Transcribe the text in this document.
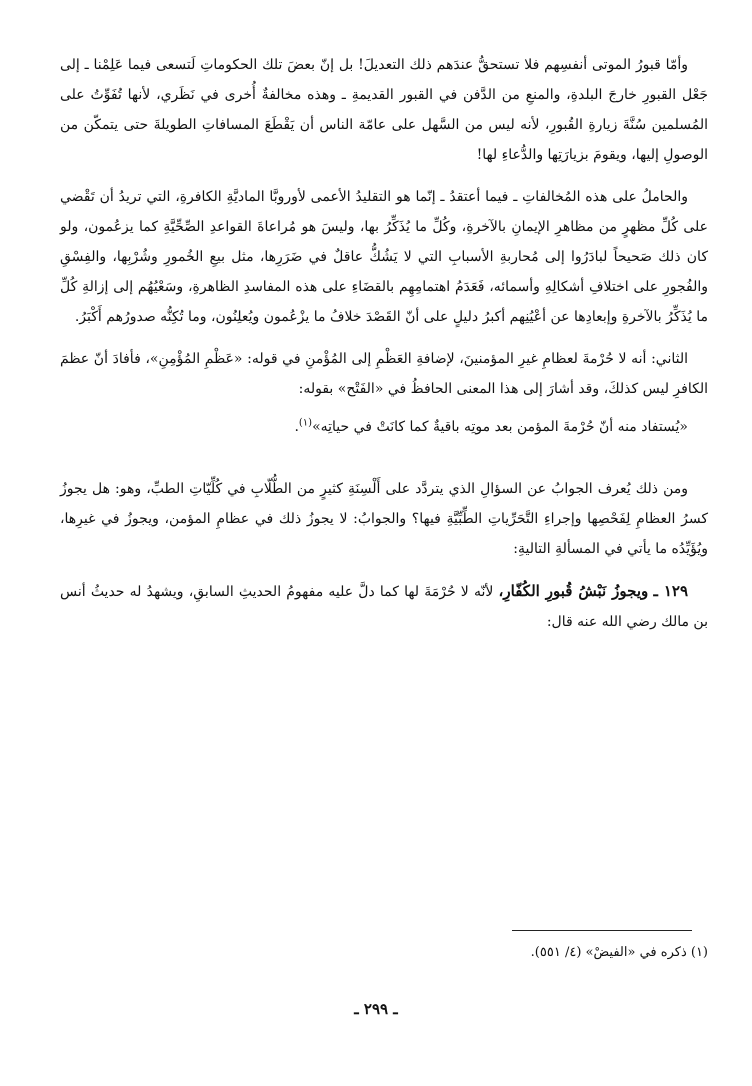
وأمّا قبورُ الموتى أنفسِهم فلا تستحقُّ عندَهم ذلك التعديلَ! بل إنّ بعضَ تلك الحكوماتِ لَتسعى فيما عَلِمْنا ـ إلى جَعْل القبورِ خارجَ البلدةِ، والمنعِ من الدَّفن في القبور القديمةِ ـ وهذه مخالفةٌ أُخرى في نَظَري، لأنها تُفَوِّتُ على المُسلمين سُنَّةَ زيارةِ القُبورِ، لأنه ليس من السَّهل على عامّة الناس أن يَقْطَعَ المسافاتِ الطويلةَ حتى يتمكّن من الوصولِ إليها، ويقومَ بزيارَتِها والدُّعاءِ لها!

والحاملُ على هذه المُخالفاتِ ـ فيما أعتقدُ ـ إنّما هو التقليدُ الأعمى لأوروبَّا الماديَّةِ الكافرةِ، التي تريدُ أن تَقْضي على كُلِّ مظهرٍ من مظاهرِ الإيمانِ بالآخرةِ، وكُلِّ ما يُذَكِّرُ بها، وليسَ هو مُراعاةَ القواعدِ الصِّحِّيَّةِ كما يزعُمون، ولو كان ذلك صَحيحاً لبادَرُوا إلى مُحاربةِ الأسبابِ التي لا يَشُكُّ عاقلٌ في ضَرَرِها، مثل بيعِ الخُمورِ وشُرْبِها، والفِسْقِ والفُجورِ على اختلافِ أشكالِهِ وأسمائه، فَعَدَمُ اهتمامِهِم بالقضَاءِ على هذه المفاسدِ الظاهرةِ، وسَعْيُهُم إلى إزالةِ كُلِّ ما يُذَكِّرُ بالآخرةِ وإبعادِها عن أعْيُنِهم أكبرُ دليلٍ على أنّ القَصْدَ خلافُ ما يزْعُمون ويُعلِنُون، وما تُكِنُّه صدورُهم أَكْبَرُ.

الثاني: أنه لا حُرْمةَ لعظامِ غيرِ المؤمنينَ، لإضافةِ العَظْمِ إلى المُؤْمنِ في قوله: «عَظْمِ المُؤْمِنِ»، فأفادَ أنّ عظمَ الكافرِ ليس كذلكَ، وقد أشارَ إلى هذا المعنى الحافظُ في «الفَتْح» بقوله:

«يُستفاد منه أنّ حُرْمةَ المؤمن بعد موتِه باقيةٌ كما كانَتْ في حياتِه»$^{(١)}$.

ومن ذلك يُعرف الجوابُ عن السؤالِ الذي يتردَّد على أَلْسِنَةِ كثيرٍ من الطُّلّابِ في كُلِّيّاتِ الطبِّ، وهو: هل يجوزُ كسرُ العظامِ لِفَحْصِها وإجراءِ التَّحَرِّياتِ الطِّبِّيَّةِ فيها؟ والجوابُ: لا يجوزُ ذلك في عظامِ المؤمن، ويجوزُ في غيرِها، ويُؤَيِّدُه ما يأتي في المسألةِ التاليةِ:

١٢٩ ـ ويجوزُ نَبْشُ قُبورِ الكُفّارِ، لأنّه لا حُرْمَةَ لها كما دلَّ عليه مفهومُ الحديثِ السابقِ، ويشهدُ له حديثُ أنس بن مالك رضي الله عنه قال:

(١) ذكره في «الفيضْ» (٤/ ٥٥١).
ـ ٢٩٩ ـ
